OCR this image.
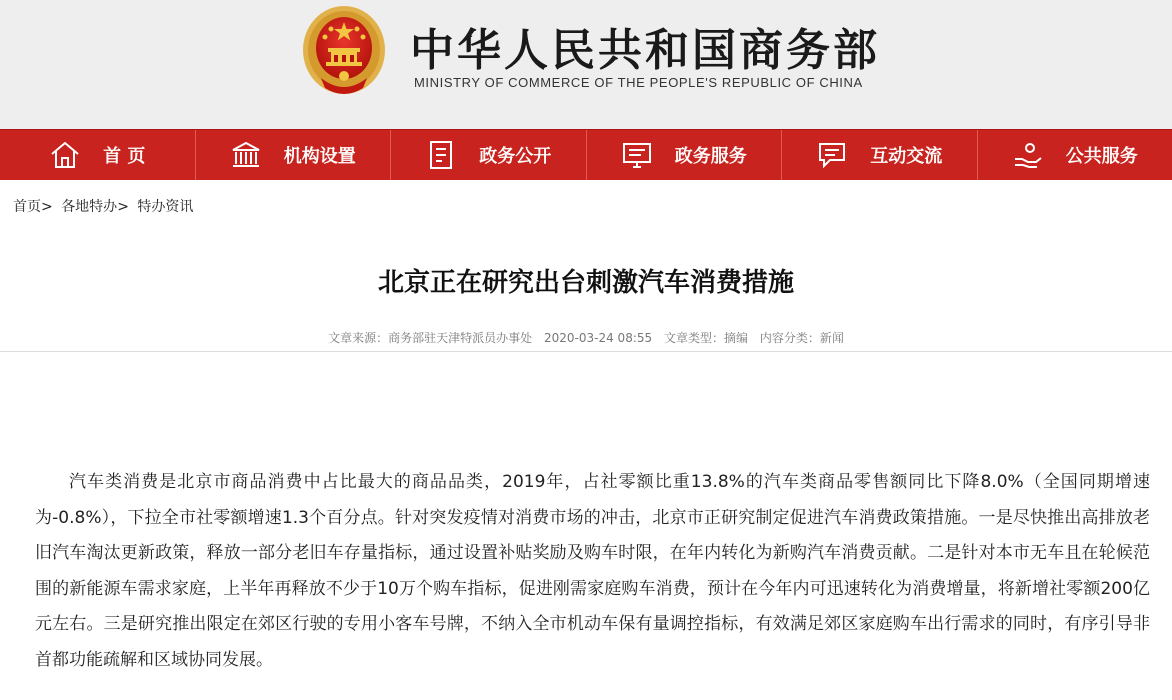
中华人民共和国商务部
MINISTRY OF COMMERCE OF THE PEOPLE'S REPUBLIC OF CHINA
首 页	机构设置	政务公开	政务服务	互动交流	公共服务
首页> 各地特办> 特办资讯
北京正在研究出台刺激汽车消费措施
文章来源：商务部驻天津特派员办事处 2020-03-24 08:55 文章类型：摘编 内容分类：新闻

汽车类消费是北京市商品消费中占比最大的商品品类，2019年，占社零额比重13.8%的汽车类商品零售额同比下降8.0%（全国同期增速为-0.8%），下拉全市社零额增速1.3个百分点。针对突发疫情对消费市场的冲击，北京市正研究制定促进汽车消费政策措施。一是尽快推出高排放老旧汽车淘汰更新政策，释放一部分老旧车存量指标，通过设置补贴奖励及购车时限，在年内转化为新购汽车消费贡献。二是针对本市无车且在轮候范围的新能源车需求家庭，上半年再释放不少于10万个购车指标，促进刚需家庭购车消费，预计在今年内可迅速转化为消费增量，将新增社零额200亿元左右。三是研究推出限定在郊区行驶的专用小客车号牌，不纳入全市机动车保有量调控指标，有效满足郊区家庭购车出行需求的同时，有序引导非首都功能疏解和区域协同发展。
